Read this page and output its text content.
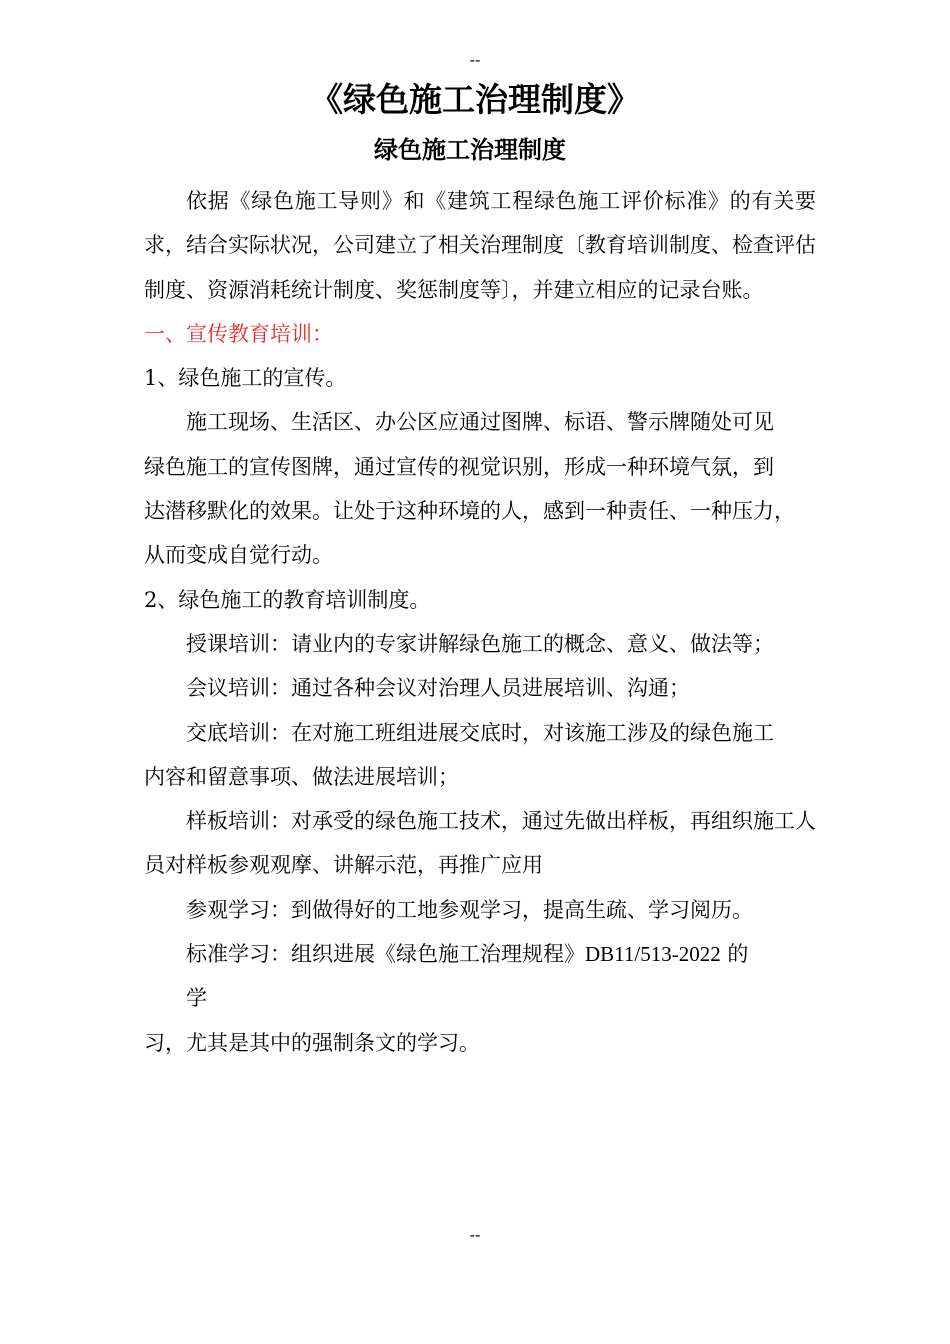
--
《绿色施工治理制度》
绿色施工治理制度

依据《绿色施工导则》和《建筑工程绿色施工评价标准》的有关要求，结合实际状况，公司建立了相关治理制度〔教育培训制度、检查评估制度、资源消耗统计制度、奖惩制度等〕，并建立相应的记录台账。

一、宣传教育培训：

1、绿色施工的宣传。

施工现场、生活区、办公区应通过图牌、标语、警示牌随处可见

绿色施工的宣传图牌，通过宣传的视觉识别，形成一种环境气氛，到

达潜移默化的效果。让处于这种环境的人，感到一种责任、一种压力，

从而变成自觉行动。

2、绿色施工的教育培训制度。

授课培训：请业内的专家讲解绿色施工的概念、意义、做法等；

会议培训：通过各种会议对治理人员进展培训、沟通；

交底培训：在对施工班组进展交底时，对该施工涉及的绿色施工

内容和留意事项、做法进展培训；

样板培训：对承受的绿色施工技术，通过先做出样板，再组织施工人员对样板参观观摩、讲解示范，再推广应用

参观学习：到做得好的工地参观学习，提高生疏、学习阅历。

标准学习：组织进展《绿色施工治理规程》DB11/513-2022 的

学

习，尤其是其中的强制条文的学习。

--
